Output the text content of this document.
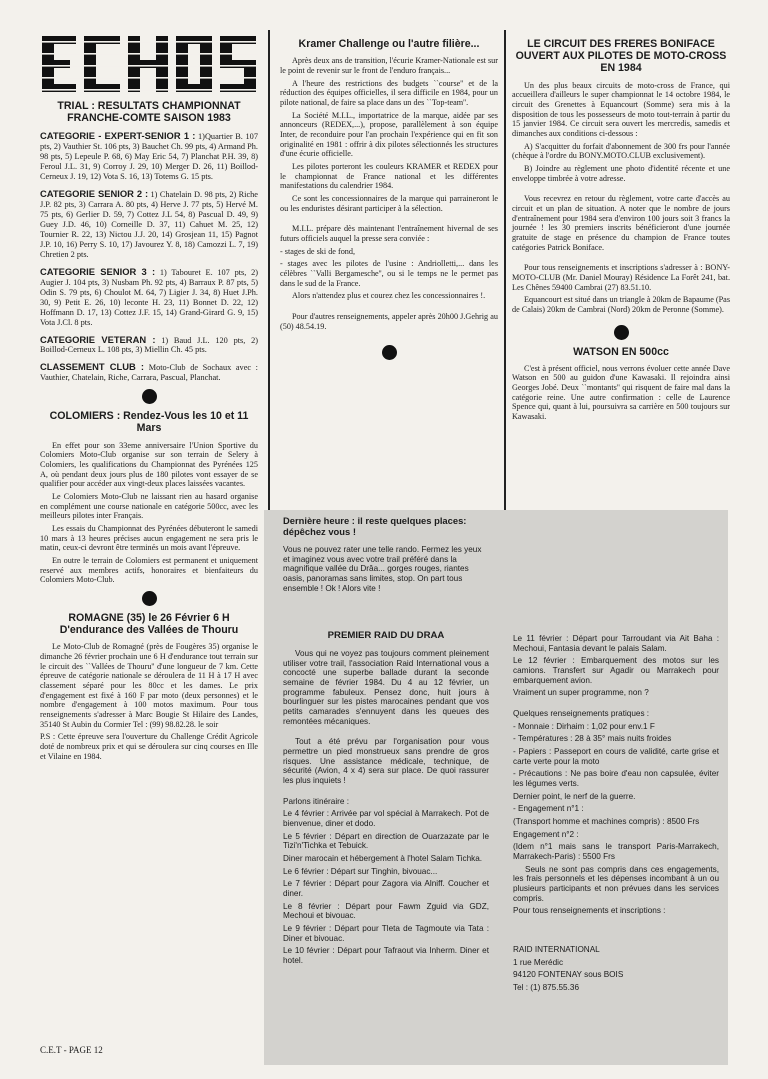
TRIAL : RESULTATS CHAMPIONNAT FRANCHE-COMTE SAISON 1983
CATEGORIE - EXPERT-SENIOR 1 : 1)Quartier B. 107 pts, 2) Vauthier St. 106 pts, 3) Bauchet Ch. 99 pts, 4) Armand Ph. 98 pts, 5) Lepeule P. 68, 6) May Eric 54, 7) Planchat P.H. 39, 8) Feroul J.L. 31, 9) Corroy J. 29, 10) Merger D. 26, 11) Boillod-Cerneux J. 19, 12) Vota S. 16, 13) Totems G. 15 pts.
CATEGORIE SENIOR 2 : 1) Chatelain D. 98 pts, 2) Riche J.P. 82 pts, 3) Carrara A. 80 pts, 4) Herve J. 77 pts, 5) Hervé M. 75 pts, 6) Gerlier D. 59, 7) Cottez J.L 54, 8) Pascual D. 49, 9) Guey J.D. 46, 10) Corneille D. 37, 11) Cahuet M. 25, 12) Tournier R. 22, 13) Nictou J.J. 20, 14) Grosjean 11, 15) Pagnot J.P. 10, 16) Perry S. 10, 17) Javourez Y. 8, 18) Camozzi L. 7, 19) Chretien 2 pts.
CATEGORIE SENIOR 3 : 1) Tabouret E. 107 pts, 2) Augier J. 104 pts, 3) Nusbam Ph. 92 pts, 4) Barraux P. 87 pts, 5) Odin S. 79 pts, 6) Choulot M. 64, 7) Ligier J. 34, 8) Huet J.Ph. 30, 9) Petit E. 26, 10) leconte H. 23, 11) Bonnet D. 22, 12) Hoffmann D. 17, 13) Cottez J.F. 15, 14) Grand-Girard G. 9, 15) Vota J.Cl. 8 pts.
CATEGORIE VETERAN : 1) Baud J.L. 120 pts, 2) Boillod-Cerneux L. 108 pts, 3) Miellin Ch. 45 pts.
CLASSEMENT CLUB : Moto-Club de Sochaux avec : Vauthier, Chatelain, Riche, Carrara, Pascual, Planchat.
COLOMIERS : Rendez-Vous les 10 et 11 Mars

En effet pour son 33eme anniversaire l'Union Sportive du Colomiers Moto-Club organise sur son terrain de Selery à Colomiers, les qualifications du Championnat des Pyrénées 125 A, où pendant deux jours plus de 180 pilotes vont essayer de se qualifier pour accéder aux vingt-deux places laissées vacantes.

Le Colomiers Moto-Club ne laissant rien au hasard organise en complément une course nationale en catégorie 500cc, avec les meilleurs pilotes inter Français.

Les essais du Championnat des Pyrénées débuteront le samedi 10 mars à 13 heures précises aucun engagement ne sera pris le matin, ceux-ci devront être terminés un mois avant l'épreuve.

En outre le terrain de Colomiers est permanent et uniquement reservé aux membres actifs, honoraires et bienfaiteurs du Colomiers Moto-Club.

ROMAGNE (35) le 26 Février 6 H D'endurance des Vallées de Thouru

Le Moto-Club de Romagné (près de Fougères 35) organise le dimanche 26 février prochain une 6 H d'endurance tout terrain sur le circuit des ``Vallées de Thouru'' d'une longueur de 7 km. Cette épreuve de catégorie nationale se déroulera de 11 H à 17 H avec classement séparé pour les 80cc et les dames. Le prix d'engagement est fixé à 160 F par moto (deux personnes) et le nombre d'engagement à 100 motos maximum. Pour tous renseignements s'adresser à Marc Bougie St Hilaire des Landes, 35140 St Aubin du Cormier Tel : (99) 98.82.28. le soir

P.S : Cette épreuve sera l'ouverture du Challenge Crédit Agricole doté de nombreux prix et qui se déroulera sur cinq courses en Ille et Vilaine en 1984.

Kramer Challenge ou l'autre filière...

Après deux ans de transition, l'écurie Kramer-Nationale est sur le point de revenir sur le front de l'enduro français...

A l'heure des restrictions des budgets ``course'' et de la réduction des équipes officielles, il sera difficile en 1984, pour un pilote national, de faire sa place dans un des ``Top-team''.

La Société M.I.L., importatrice de la marque, aidée par ses annonceurs (REDEX,...), propose, parallèlement à son équipe Inter, de reconduire pour l'an prochain l'expérience qui en fit son originalité en 1981 : offrir à dix pilotes sélectionnés les structures d'une écurie officielle.

Les pilotes porteront les couleurs KRAMER et REDEX pour le championnat de France national et les différentes manifestations du calendrier 1984.

Ce sont les concessionnaires de la marque qui parraineront le ou les enduristes désirant participer à la sélection.

M.I.L. prépare dès maintenant l'entraînement hivernal de ses futurs officiels auquel la presse sera conviée :

- stages de ski de fond,

- stages avec les pilotes de l'usine : Andriolletti,... dans les célèbres ``Valli Bergamesche'', ou si le temps ne le permet pas dans le sud de la France.

Alors n'attendez plus et courez chez les concessionnaires !.

Pour d'autres renseignements, appeler après 20h00 J.Gehrig au (50) 48.54.19.

LE CIRCUIT DES FRERES BONIFACE OUVERT AUX PILOTES DE MOTO-CROSS EN 1984

Un des plus beaux circuits de moto-cross de France, qui accueillera d'ailleurs le super championnat le 14 octobre 1984, le circuit des Grenettes à Equancourt (Somme) sera mis à la disposition de tous les possesseurs de moto tout-terrain à partir du 15 janvier 1984. Ce circuit sera ouvert les mercredis, samedis et dimanches aux conditions ci-dessous :

A) S'acquitter du forfait d'abonnement de 300 frs pour l'année (chèque à l'ordre du BONY.MOTO.CLUB exclusivement).

B) Joindre au règlement une photo d'identité récente et une enveloppe timbrée à votre adresse.

Vous recevrez en retour du règlement, votre carte d'accès au circuit et un plan de situation. A noter que le nombre de jours d'entraînement pour 1984 sera d'environ 100 jours soit 3 francs la journée ! les 30 premiers inscrits bénéficieront d'une journée gratuite de stage en présence du champion de France toutes catégories Patrick Boniface.

Pour tous renseignements et inscriptions s'adresser à : BONY-MOTO-CLUB (Mr. Daniel Mouray) Résidence La Forêt 241, bat. Les Chênes 59400 Cambrai (27) 83.51.10.

Equancourt est situé dans un triangle à 20km de Bapaume (Pas de Calais) 20km de Cambrai (Nord) 20km de Peronne (Somme).

WATSON EN 500cc

C'est à présent officiel, nous verrons évoluer cette année Dave Watson en 500 au guidon d'une Kawasaki. Il rejoindra ainsi Georges Jobé. Deux ``montants'' qui risquent de faire mal dans la catégorie reine. Une autre confirmation : celle de Laurence Spence qui, quant à lui, poursuivra sa carrière en 500 toujours sur Kawasaki.

Dernière heure : il reste quelques places: dépêchez vous !

Vous ne pouvez rater une telle rando. Fermez les yeux et imaginez vous avec votre trail préféré dans la magnifique vallée du Drâa... gorges rouges, riantes oasis, panoramas sans limites, stop. On part tous ensemble ! Ok ! Alors vite !

PREMIER RAID DU DRAA

Vous qui ne voyez pas toujours comment pleinement utiliser votre trail, l'association Raid International vous a concocté une superbe ballade durant la seconde semaine de février 1984. Du 4 au 12 février, un programme fabuleux. Pensez donc, huit jours à bourlinguer sur les pistes marocaines pendant que vos petits camarades s'ennuyent dans les queues des remontées mécaniques.

Tout a été prévu par l'organisation pour vous permettre un pied monstrueux sans prendre de gros risques. Une assistance médicale, technique, de sécurité (Avion, 4 x 4) sera sur place. De quoi rassurer les plus inquiets !

Parlons itinéraire :

Le 4 février : Arrivée par vol spécial à Marrakech. Pot de bienvenue, diner et dodo.

Le 5 février : Départ en direction de Ouarzazate par le Tizi'n'Tichka et Tebuick.

Diner marocain et hébergement à l'hotel Salam Tichka.

Le 6 février : Départ sur Tinghin, bivouac...

Le 7 février : Départ pour Zagora via Alniff. Coucher et diner.

Le 8 février : Départ pour Fawm Zguid via GDZ, Mechoui et bivouac.

Le 9 février : Départ pour Tleta de Tagmoute via Tata : Diner et bivouac.

Le 10 février : Départ pour Tafraout via Inherm. Diner et hotel.

Le 11 février : Départ pour Tarroudant via Ait Baha : Mechoui, Fantasia devant le palais Salam.

Le 12 février : Embarquement des motos sur les camions. Transfert sur Agadir ou Marrakech pour embarquement avion.

Vraiment un super programme, non ?

Quelques renseignements pratiques :

- Monnaie : Dirhaim : 1,02 pour env.1 F

- Températures : 28 à 35° mais nuits froides

- Papiers : Passeport en cours de validité, carte grise et carte verte pour la moto

- Précautions : Ne pas boire d'eau non capsulée, éviter les légumes verts.

Dernier point, le nerf de la guerre.

- Engagement n°1 :

(Transport homme et machines compris) : 8500 Frs

Engagement n°2 :

(Idem n°1 mais sans le transport Paris-Marrakech, Marrakech-Paris) : 5500 Frs

Seuls ne sont pas compris dans ces engagements, les frais personnels et les dépenses incombant à un ou plusieurs participants et non prévues dans les services compris.

Pour tous renseignements et inscriptions :

RAID INTERNATIONAL

1 rue Merédic

94120 FONTENAY sous BOIS

Tel : (1) 875.55.36

C.E.T - PAGE 12
